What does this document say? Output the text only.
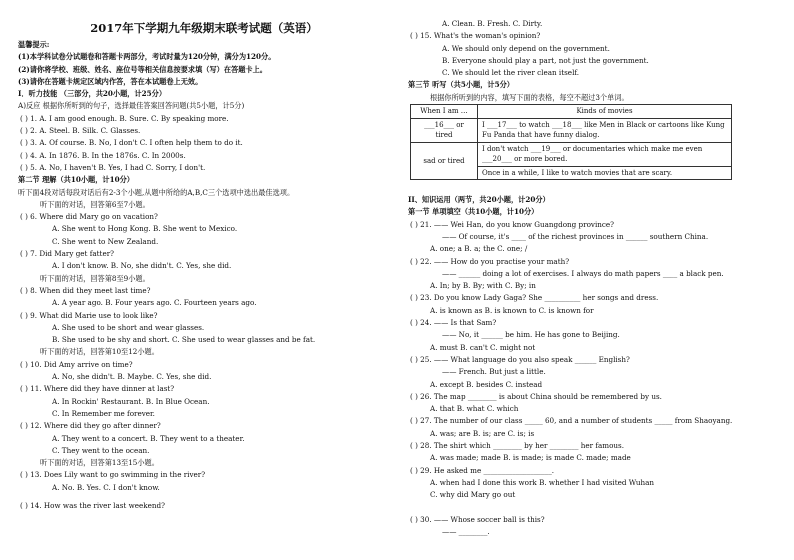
2017年下学期九年级期末联考试题（英语）
温馨提示:
(1)本学科试卷分试题卷和答题卡两部分，考试时量为120分钟，满分为120分。
(2)请你将学校、班级、姓名、座位号等相关信息按要求填（写）在答题卡上。
(3)请你在答题卡规定区域内作答，答在本试题卷上无效。
I．听力技能 （三部分，共20小题，计25分）
A)反应 根据你所听到的句子，选择最佳答案回答问题(共5小题，计5分)
( ) 1. A. I am good enough. B. Sure. C. By speaking more.
( ) 2. A. Steel. B. Silk. C. Glasses.
( ) 3. A. Of course. B. No, I don't C. I often help them to do it.
( ) 4. A. In 1876. B. In the 1876s. C. In 2000s.
( ) 5. A. No, I haven't B. Yes, I had C. Sorry, I don't.
第二节 理解（共10小题，计10分）
听下面4段对话每段对话后有2-3个小题,从题中所给的A,B,C三个选项中选出最佳选项。
听下面的对话，回答第6至7小题。
( ) 6. Where did Mary go on vacation?
A. She went to Hong Kong. B. She went to Mexico.
C. She went to New Zealand.
( ) 7. Did Mary get fatter?
A. I don't know. B. No, she didn't. C. Yes, she did.
听下面的对话，回答第8至9小题。
( ) 8. When did they meet last time?
A. A year ago. B. Four years ago. C. Fourteen years ago.
( ) 9. What did Marie use to look like?
A. She used to be short and wear glasses.
B. She used to be shy and short. C. She used to wear glasses and be fat.
听下面的对话，回答第10至12小题。
( ) 10. Did Amy arrive on time?
A. No, she didn't. B. Maybe. C. Yes, she did.
( ) 11. Where did they have dinner at last?
A. In Rockin' Restaurant. B. In Blue Ocean.
C. In Remember me forever.
( ) 12. Where did they go after dinner?
A. They went to a concert. B. They went to a theater.
C. They went to the ocean.
听下面的对话，回答第13至15小题。
( ) 13. Does Lily want to go swimming in the river?
A. No. B. Yes. C. I don't know.
( ) 14. How was the river last weekend?
A. Clean. B. Fresh. C. Dirty.
( ) 15. What's the woman's opinion?
A. We should only depend on the government.
B. Everyone should play a part, not just the government.
C. We should let the river clean itself.
第三节 听写（共5小题，计5分）
根据你所听到的内容，填写下面的表格，每空不超过3个单词。
When I am …	Kinds of movies
___16___ or tired	I ___17___ to watch ___18___ like Men in Black or cartoons like Kung Fu Panda that have funny dialog.
sad or tired	I don't watch ___19___ or documentaries which make me even ___20___ or more bored.
	Once in a while, I like to watch movies that are scary.
II、知识运用（两节，共20小题，计20分）
第一节 单项填空（共10小题，计10分）
( ) 21. —— Wei Han, do you know Guangdong province?
—— Of course, it's ____ of the richest provinces in ______ southern China.
A. one; a B. a; the C. one; /
( ) 22. —— How do you practise your math?
—— ______ doing a lot of exercises. I always do math papers ____ a black pen.
A. In; by B. By; with C. By; in
( ) 23. Do you know Lady Gaga? She __________ her songs and dress.
A. is known as B. is known to C. is known for
( ) 24. —— Is that Sam?
—— No, it ______ be him. He has gone to Beijing.
A. must B. can't C. might not
( ) 25. —— What language do you also speak ______ English?
—— French. But just a little.
A. except B. besides C. instead
( ) 26. The map ________ is about China should be remembered by us.
A. that B. what C. which
( ) 27. The number of our class _____ 60, and a number of students _____ from Shaoyang.
A. was; are B. is; are C. is; is
( ) 28. The shirt which ________ by her ________ her famous.
A. was made; made B. is made; is made C. made; made
( ) 29. He asked me ___________________.
A. when had I done this work B. whether I had visited Wuhan
C. why did Mary go out
( ) 30. —— Whose soccer ball is this?
—— ________.
